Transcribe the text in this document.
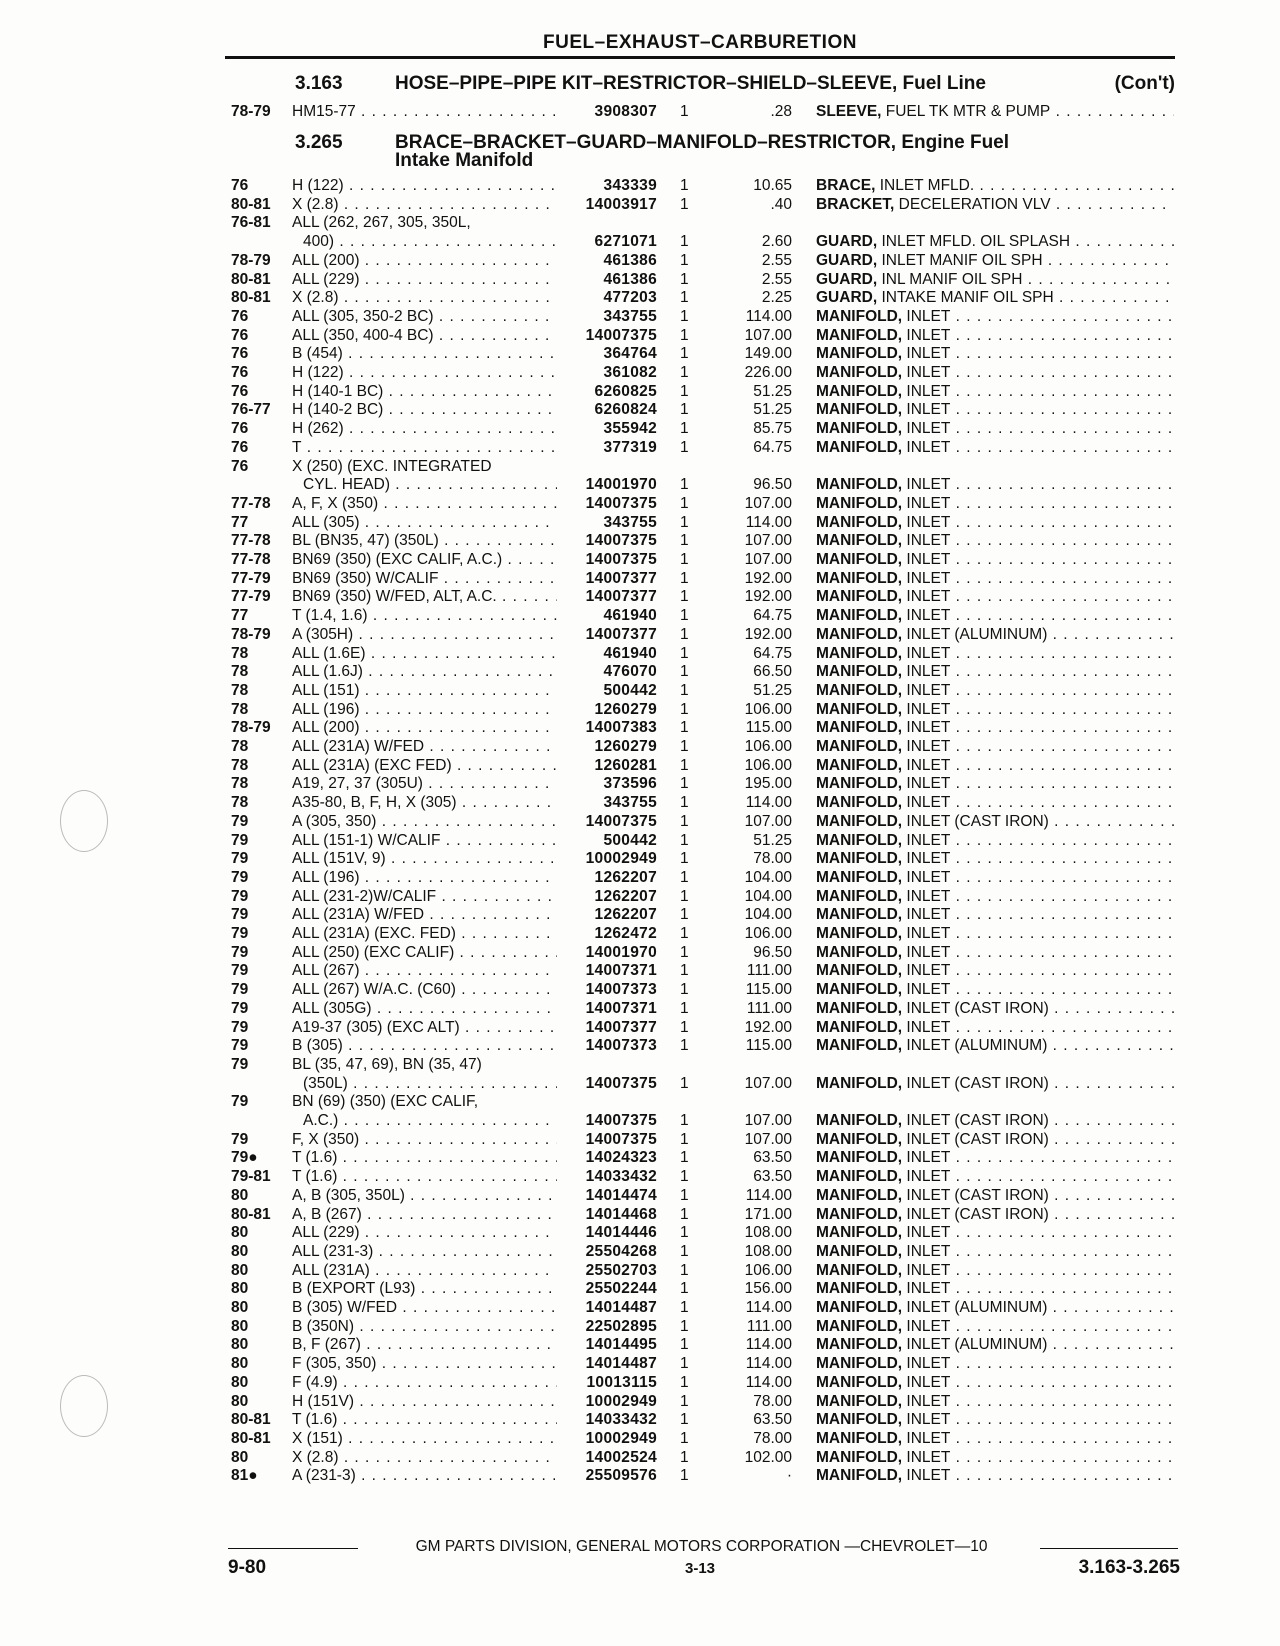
FUEL–EXHAUST–CARBURETION
3.163	HOSE–PIPE–PIPE KIT–RESTRICTOR–SHIELD–SLEEVE, Fuel Line	(Con't)
3.265	BRACE–BRACKET–GUARD–MANIFOLD–RESTRICTOR, Engine Fuel
Intake Manifold
78-79 HM15-77 . . .	3908307 1	.28 SLEEVE, FUEL TK MTR & PUMP . . .
76	H (122) . . .	343339 1	10.65 BRACE, INLET MFLD. . . .
80-81 X (2.8) . . .	14003917 1	.40 BRACKET, DECELERATION VLV . . .
76-81 ALL (262, 267, 305, 350L,
400) . . .	6271071 1	2.60 GUARD, INLET MFLD. OIL SPLASH . . .
78-79 ALL (200) . . .	461386 1	2.55 GUARD, INLET MANIF OIL SPH . . .
80-81 ALL (229) . . .	461386 1	2.55 GUARD, INL MANIF OIL SPH . . .
80-81 X (2.8) . . .	477203 1	2.25 GUARD, INTAKE MANIF OIL SPH . . .
76	ALL (305, 350-2 BC) . . .	343755 1	114.00 MANIFOLD, INLET . . .
76	ALL (350, 400-4 BC) . . .	14007375 1	107.00 MANIFOLD, INLET . . .
76	B (454) . . .	364764 1	149.00 MANIFOLD, INLET . . .
76	H (122) . . .	361082 1	226.00 MANIFOLD, INLET . . .
76	H (140-1 BC) . . .	6260825 1	51.25 MANIFOLD, INLET . . .
76-77 H (140-2 BC) . . .	6260824 1	51.25 MANIFOLD, INLET . . .
76	H (262) . . .	355942 1	85.75 MANIFOLD, INLET . . .
76	T . . .	377319 1	64.75 MANIFOLD, INLET . . .
76	X (250) (EXC. INTEGRATED
CYL. HEAD) . . .	14001970 1	96.50 MANIFOLD, INLET . . .
77-78 A, F, X (350) . . .	14007375 1	107.00 MANIFOLD, INLET . . .
77	ALL (305) . . .	343755 1	114.00 MANIFOLD, INLET . . .
77-78 BL (BN35, 47) (350L) . . .	14007375 1	107.00 MANIFOLD, INLET . . .
77-78 BN69 (350) (EXC CALIF, A.C.) . . .	14007375 1	107.00 MANIFOLD, INLET . . .
77-79 BN69 (350) W/CALIF . . .	14007377 1	192.00 MANIFOLD, INLET . . .
77-79 BN69 (350) W/FED, ALT, A.C. . . .	14007377 1	192.00 MANIFOLD, INLET . . .
77	T (1.4, 1.6) . . .	461940 1	64.75 MANIFOLD, INLET . . .
78-79 A (305H) . . .	14007377 1	192.00 MANIFOLD, INLET (ALUMINUM) . . .
78	ALL (1.6E) . . .	461940 1	64.75 MANIFOLD, INLET . . .
78	ALL (1.6J) . . .	476070 1	66.50 MANIFOLD, INLET . . .
78	ALL (151) . . .	500442 1	51.25 MANIFOLD, INLET . . .
78	ALL (196) . . .	1260279 1	106.00 MANIFOLD, INLET . . .
78-79 ALL (200) . . .	14007383 1	115.00 MANIFOLD, INLET . . .
78	ALL (231A) W/FED . . .	1260279 1	106.00 MANIFOLD, INLET . . .
78	ALL (231A) (EXC FED) . . .	1260281 1	106.00 MANIFOLD, INLET . . .
78	A19, 27, 37 (305U) . . .	373596 1	195.00 MANIFOLD, INLET . . .
78	A35-80, B, F, H, X (305) . . .	343755 1	114.00 MANIFOLD, INLET . . .
79	A (305, 350) . . .	14007375 1	107.00 MANIFOLD, INLET (CAST IRON) . . .
79	ALL (151-1) W/CALIF . . .	500442 1	51.25 MANIFOLD, INLET . . .
79	ALL (151V, 9) . . .	10002949 1	78.00 MANIFOLD, INLET . . .
79	ALL (196) . . .	1262207 1	104.00 MANIFOLD, INLET . . .
79	ALL (231-2)W/CALIF . . .	1262207 1	104.00 MANIFOLD, INLET . . .
79	ALL (231A) W/FED . . .	1262207 1	104.00 MANIFOLD, INLET . . .
79	ALL (231A) (EXC. FED) . . .	1262472 1	106.00 MANIFOLD, INLET . . .
79	ALL (250) (EXC CALIF) . . .	14001970 1	96.50 MANIFOLD, INLET . . .
79	ALL (267) . . .	14007371 1	111.00 MANIFOLD, INLET . . .
79	ALL (267) W/A.C. (C60) . . .	14007373 1	115.00 MANIFOLD, INLET . . .
79	ALL (305G) . . .	14007371 1	111.00 MANIFOLD, INLET (CAST IRON) . . .
79	A19-37 (305) (EXC ALT) . . .	14007377 1	192.00 MANIFOLD, INLET . . .
79	B (305) . . .	14007373 1	115.00 MANIFOLD, INLET (ALUMINUM) . . .
79	BL (35, 47, 69), BN (35, 47)
(350L) . . .	14007375 1	107.00 MANIFOLD, INLET (CAST IRON) . . .
79	BN (69) (350) (EXC CALIF,
A.C.) . . .	14007375 1	107.00 MANIFOLD, INLET (CAST IRON) . . .
79	F, X (350) . . .	14007375 1	107.00 MANIFOLD, INLET (CAST IRON) . . .
79● T (1.6) . . .	14024323 1	63.50 MANIFOLD, INLET . . .
79-81 T (1.6) . . .	14033432 1	63.50 MANIFOLD, INLET . . .
80	A, B (305, 350L) . . .	14014474 1	114.00 MANIFOLD, INLET (CAST IRON) . . .
80-81 A, B (267) . . .	14014468 1	171.00 MANIFOLD, INLET (CAST IRON) . . .
80	ALL (229) . . .	14014446 1	108.00 MANIFOLD, INLET . . .
80	ALL (231-3) . . .	25504268 1	108.00 MANIFOLD, INLET . . .
80	ALL (231A) . . .	25502703 1	106.00 MANIFOLD, INLET . . .
80	B (EXPORT (L93) . . .	25502244 1	156.00 MANIFOLD, INLET . . .
80	B (305) W/FED . . .	14014487 1	114.00 MANIFOLD, INLET (ALUMINUM) . . .
80	B (350N) . . .	22502895 1	111.00 MANIFOLD, INLET . . .
80	B, F (267) . . .	14014495 1	114.00 MANIFOLD, INLET (ALUMINUM) . . .
80	F (305, 350) . . .	14014487 1	114.00 MANIFOLD, INLET . . .
80	F (4.9) . . .	10013115 1	114.00 MANIFOLD, INLET . . .
80	H (151V) . . .	10002949 1	78.00 MANIFOLD, INLET . . .
80-81 T (1.6) . . .	14033432 1	63.50 MANIFOLD, INLET . . .
80-81 X (151) . . .	10002949 1	78.00 MANIFOLD, INLET . . .
80	X (2.8) . . .	14002524 1	102.00 MANIFOLD, INLET . . .
81● A (231-3) . . .	25509576 1	· MANIFOLD, INLET . . .
GM PARTS DIVISION, GENERAL MOTORS CORPORATION —CHEVROLET—10
9-80	3-13	3.163-3.265
